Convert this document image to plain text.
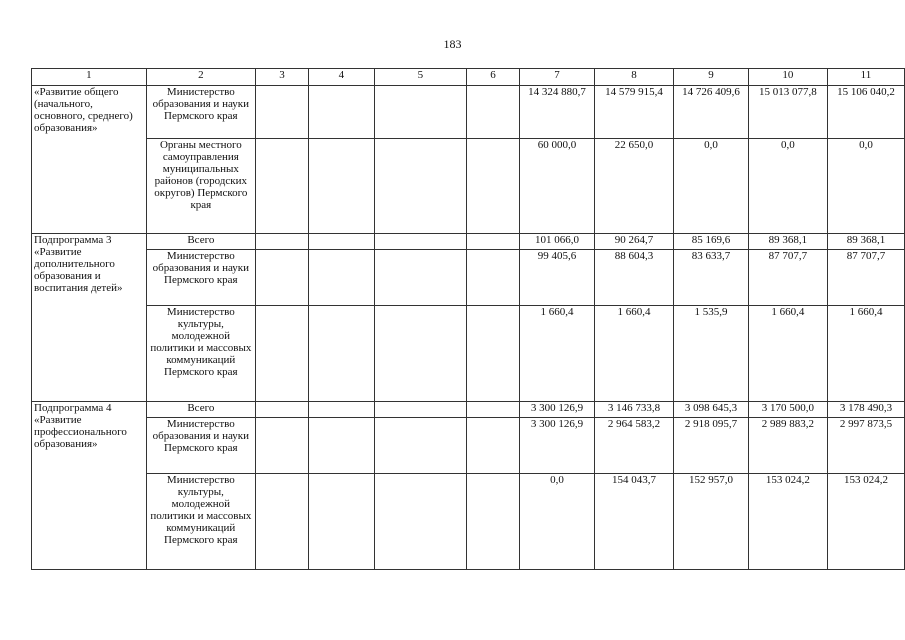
183
1	2	3	4	5	6	7	8	9	10	11
«Развитие общего (начального, основного, среднего) образования»	Министерство образования и науки Пермского края					14 324 880,7	14 579 915,4	14 726 409,6	15 013 077,8	15 106 040,2
	Органы местного самоуправления муниципальных районов (городских округов) Пермского края					60 000,0	22 650,0	0,0	0,0	0,0
Подпрограмма 3 «Развитие дополнительного образования и воспитания детей»	Всего					101 066,0	90 264,7	85 169,6	89 368,1	89 368,1
	Министерство образования и науки Пермского края					99 405,6	88 604,3	83 633,7	87 707,7	87 707,7
	Министерство культуры, молодежной политики и массовых коммуникаций Пермского края					1 660,4	1 660,4	1 535,9	1 660,4	1 660,4
Подпрограмма 4 «Развитие профессионального образования»	Всего					3 300 126,9	3 146 733,8	3 098 645,3	3 170 500,0	3 178 490,3
	Министерство образования и науки Пермского края					3 300 126,9	2 964 583,2	2 918 095,7	2 989 883,2	2 997 873,5
	Министерство культуры, молодежной политики и массовых коммуникаций Пермского края					0,0	154 043,7	152 957,0	153 024,2	153 024,2
